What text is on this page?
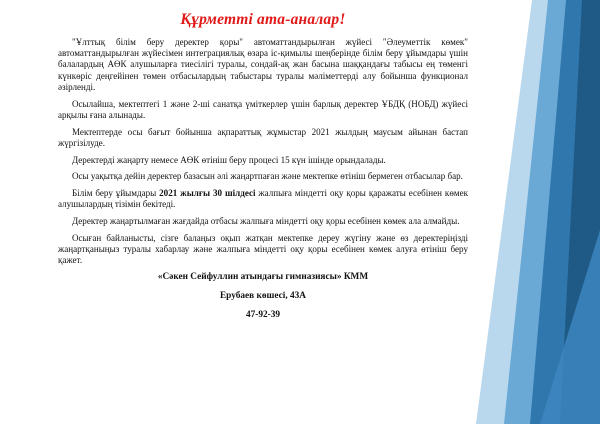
Құрметті ата-аналар!

"Ұлттық білім беру деректер қоры" автоматтандырылған жүйесі "Әлеуметтік көмек" автоматтандырылған жүйесімен интеграциялық өзара іс-қимылы шеңберінде білім беру ұйымдары үшін балалардың АӨК алушыларға тиесілігі туралы, сондай-ақ жан басына шаққандағы табысы ең төменгі күнкөріс деңгейінен төмен отбасылардың табыстары туралы мәліметтерді алу бойынша функционал әзірленді.

Осылайша, мектептегі 1 және 2-ші санатқа үміткерлер үшін барлық деректер ҰБДҚ (НОБД) жүйесі арқылы ғана алынады.

Мектептерде осы бағыт бойынша ақпараттық жұмыстар 2021 жылдың маусым айынан бастап жүргізілуде.

Деректерді жаңарту немесе АӨК өтініш беру процесі 15 күн ішінде орындалады.

Осы уақытқа дейін деректер базасын әлі жаңартпаған және мектепке өтініш бермеген отбасылар бар.

Білім беру ұйымдары 2021 жылғы 30 шілдесі жалпыға міндетті оқу қоры қаражаты есебінен көмек алушылардың тізімін бекітеді.

Деректер жаңартылмаған жағдайда отбасы жалпыға міндетті оқу қоры есебінен көмек ала алмайды.

Осыған байланысты, сізге балаңыз оқып жатқан мектепке дереу жүгіну және өз деректеріңізді жаңартқаныңыз туралы хабарлау және жалпыға міндетті оқу қоры есебінен көмек алуға өтініш беру қажет.

«Сәкен Сейфуллин атындағы гимназиясы» КММ

Ерубаев көшесі, 43А

47-92-39
